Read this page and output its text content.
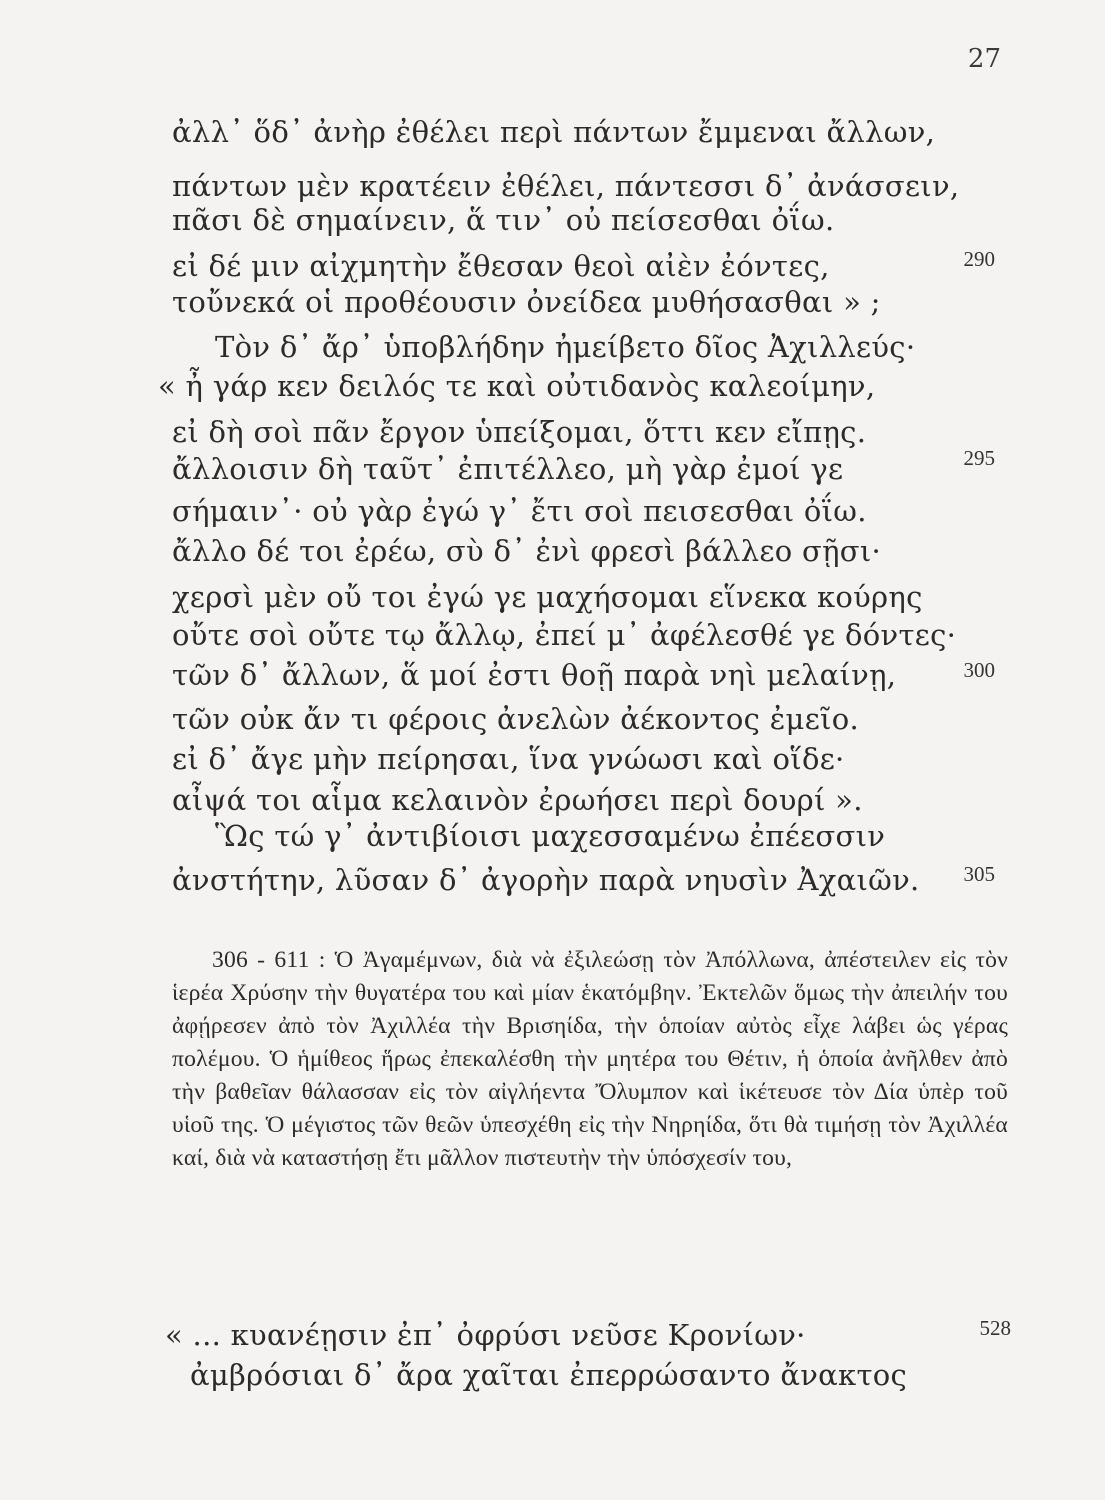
27
ἀλλ᾽ ὅδ᾽ ἀνὴρ ἐθέλει περὶ πάντων ἔμμεναι ἄλλων,
πάντων μὲν κρατέειν ἐθέλει, πάντεσσι δ᾽ ἀνάσσειν,
πᾶσι δὲ σημαίνειν, ἅ τιν᾽ οὐ πείσεσθαι ὀΐω.
εἰ δέ μιν αἰχμητὴν ἔθεσαν θεοὶ αἰὲν ἐόντες,	290
τοὔνεκά οἱ προθέουσιν ὀνείδεα μυθήσασθαι » ;
Τὸν δ᾽ ἄρ᾽ ὑποβλήδην ἠμείβετο δῖος Ἀχιλλεύς·
« ἦ γάρ κεν δειλός τε καὶ οὐτιδανὸς καλεοίμην,
εἰ δὴ σοὶ πᾶν ἔργον ὑπείξομαι, ὅττι κεν εἴπῃς.
ἄλλοισιν δὴ ταῦτ᾽ ἐπιτέλλεο, μὴ γὰρ ἐμοί γε	295
σήμαιν᾽· οὐ γὰρ ἐγώ γ᾽ ἔτι σοὶ πεισεσθαι ὀΐω.
ἄλλο δέ τοι ἐρέω, σὺ δ᾽ ἐνὶ φρεσὶ βάλλεο σῇσι·
χερσὶ μὲν οὔ τοι ἐγώ γε μαχήσομαι εἵνεκα κούρης
οὔτε σοὶ οὔτε τῳ ἄλλῳ, ἐπεί μ᾽ ἀφέλεσθέ γε δόντες·
τῶν δ᾽ ἄλλων, ἅ μοί ἐστι θοῇ παρὰ νηὶ μελαίνῃ,	300
τῶν οὐκ ἄν τι φέροις ἀνελὼν ἀέκοντος ἐμεῖο.
εἰ δ᾽ ἄγε μὴν πείρησαι, ἵνα γνώωσι καὶ οἵδε·
αἶψά τοι αἷμα κελαινὸν ἐρωήσει περὶ δουρί ».
Ὣς τώ γ᾽ ἀντιβίοισι μαχεσσαμένω ἐπέεσσιν
ἀνστήτην, λῦσαν δ᾽ ἀγορὴν παρὰ νηυσὶν Ἀχαιῶν. 305

306 - 611 : Ὁ Ἀγαμέμνων, διὰ νὰ ἐξιλεώσῃ τὸν Ἀπόλλωνα, ἀπέστειλεν εἰς τὸν ἱερέα Χρύσην τὴν θυγατέρα του καὶ μίαν ἑκατόμβην. Ἐκτελῶν ὅμως τὴν ἀπειλήν του ἀφῄρεσεν ἀπὸ τὸν Ἀχιλλέα τὴν Βρισηίδα, τὴν ὁποίαν αὐτὸς εἶχε λάβει ὡς γέρας πολέμου. Ὁ ἡμίθεος ἥρως ἐπεκαλέσθη τὴν μητέρα του Θέτιν, ἡ ὁποία ἀνῆλθεν ἀπὸ τὴν βαθεῖαν θάλασσαν εἰς τὸν αἰγλήεντα Ὄλυμπον καὶ ἱκέτευσε τὸν Δία ὑπὲρ τοῦ υἱοῦ της. Ὁ μέγιστος τῶν θεῶν ὑπεσχέθη εἰς τὴν Νηρηίδα, ὅτι θὰ τιμήσῃ τὸν Ἀχιλλέα καί, διὰ νὰ καταστήσῃ ἔτι μᾶλλον πιστευτὴν τὴν ὑπόσχεσίν του,

« ... κυανέῃσιν ἐπ᾽ ὀφρύσι νεῦσε Κρονίων·	528
ἀμβρόσιαι δ᾽ ἄρα χαῖται ἐπερρώσαντο ἄνακτος
